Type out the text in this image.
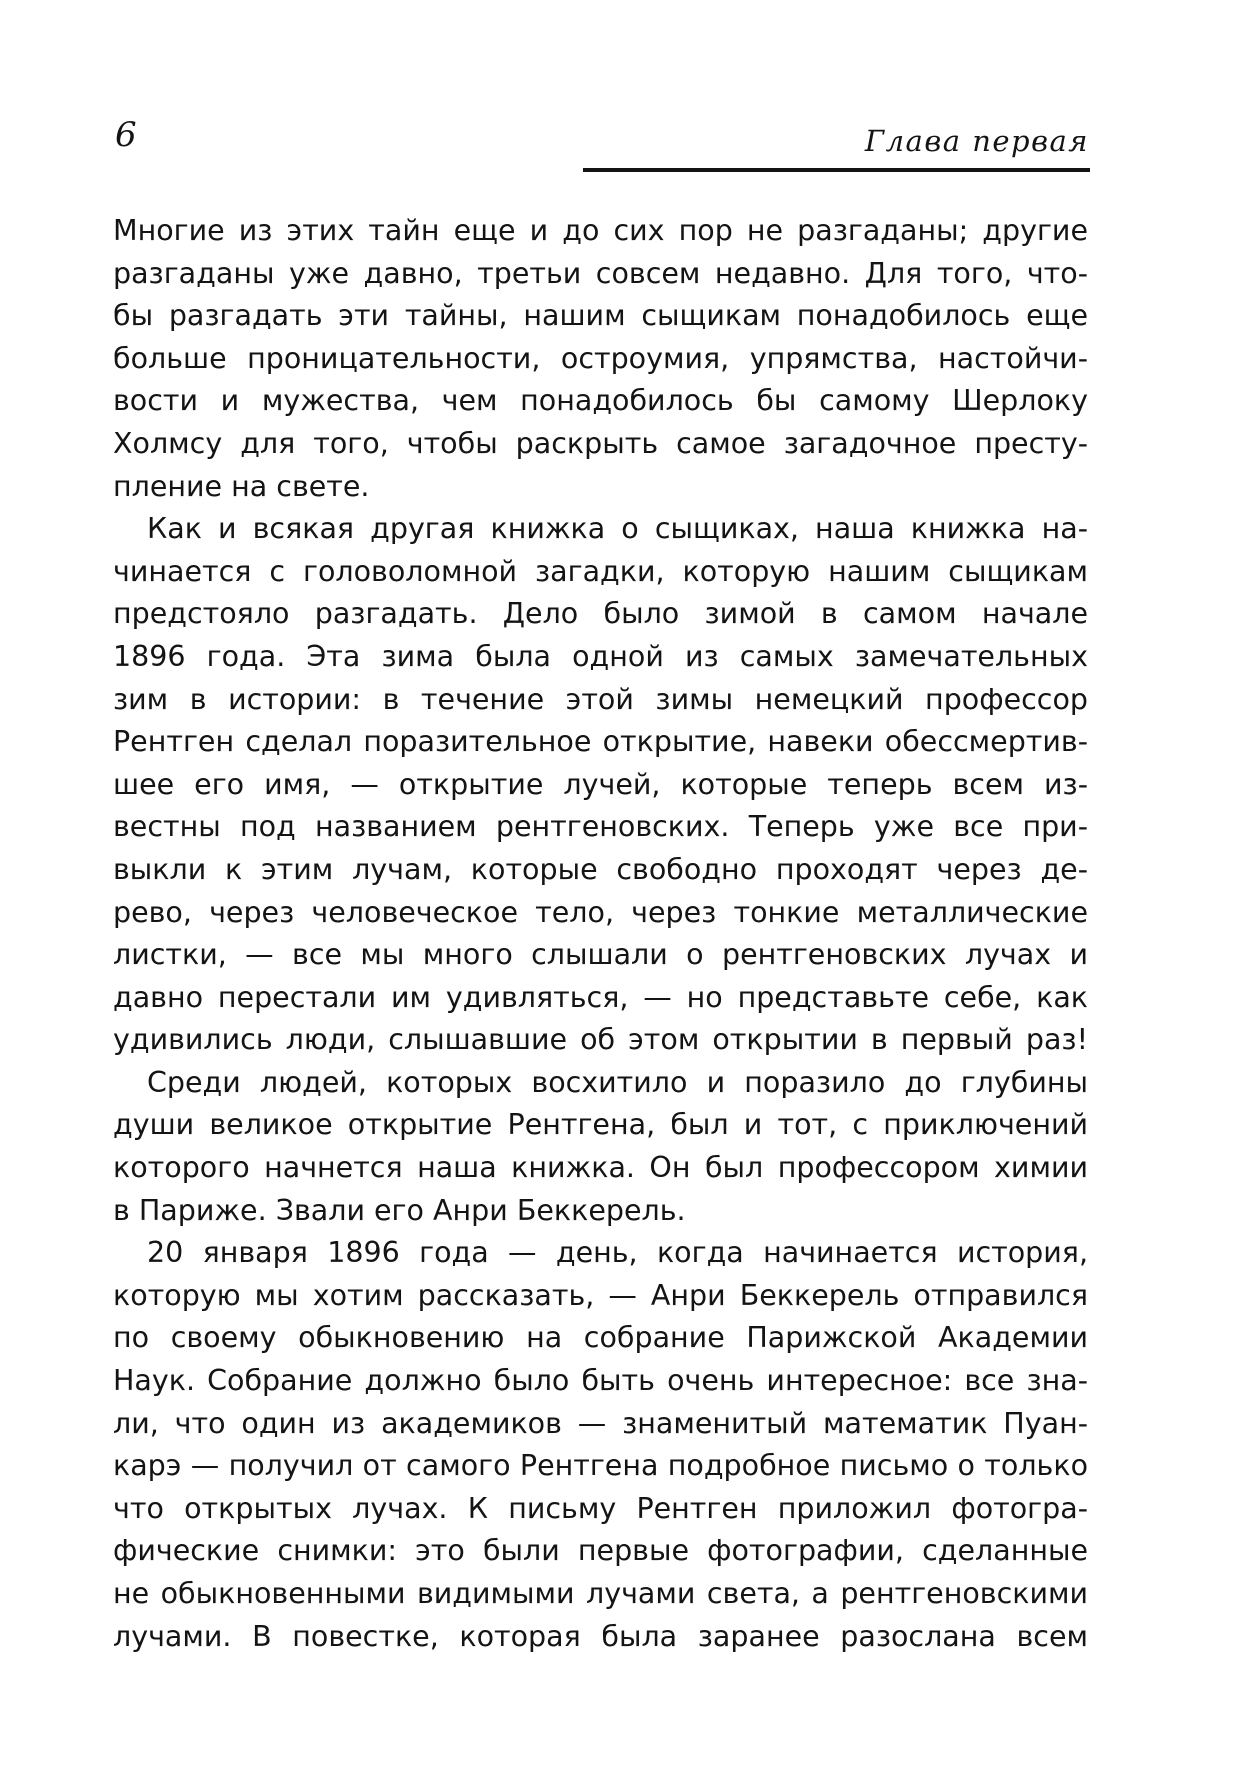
6	Глава первая
Многие из этих тайн еще и до сих пор не разгаданы; другие
разгаданы уже давно, третьи совсем недавно. Для того, что-
бы разгадать эти тайны, нашим сыщикам понадобилось еще
больше проницательности, остроумия, упрямства, настойчи-
вости и мужества, чем понадобилось бы самому Шерлоку
Холмсу для того, чтобы раскрыть самое загадочное престу-
пление на свете.
Как и всякая другая книжка о сыщиках, наша книжка на-
чинается с головоломной загадки, которую нашим сыщикам
предстояло разгадать. Дело было зимой в самом начале
1896 года. Эта зима была одной из самых замечательных
зим в истории: в течение этой зимы немецкий профессор
Рентген сделал поразительное открытие, навеки обессмертив-
шее его имя, — открытие лучей, которые теперь всем из-
вестны под названием рентгеновских. Теперь уже все при-
выкли к этим лучам, которые свободно проходят через де-
рево, через человеческое тело, через тонкие металлические
листки, — все мы много слышали о рентгеновских лучах и
давно перестали им удивляться, — но представьте себе, как
удивились люди, слышавшие об этом открытии в первый раз!
Среди людей, которых восхитило и поразило до глубины
души великое открытие Рентгена, был и тот, с приключений
которого начнется наша книжка. Он был профессором химии
в Париже. Звали его Анри Беккерель.
20 января 1896 года — день, когда начинается история,
которую мы хотим рассказать, — Анри Беккерель отправился
по своему обыкновению на собрание Парижской Академии
Наук. Собрание должно было быть очень интересное: все зна-
ли, что один из академиков — знаменитый математик Пуан-
карэ — получил от самого Рентгена подробное письмо о только
что открытых лучах. К письму Рентген приложил фотогра-
фические снимки: это были первые фотографии, сделанные
не обыкновенными видимыми лучами света, а рентгеновскими
лучами. В повестке, которая была заранее разослана всем
